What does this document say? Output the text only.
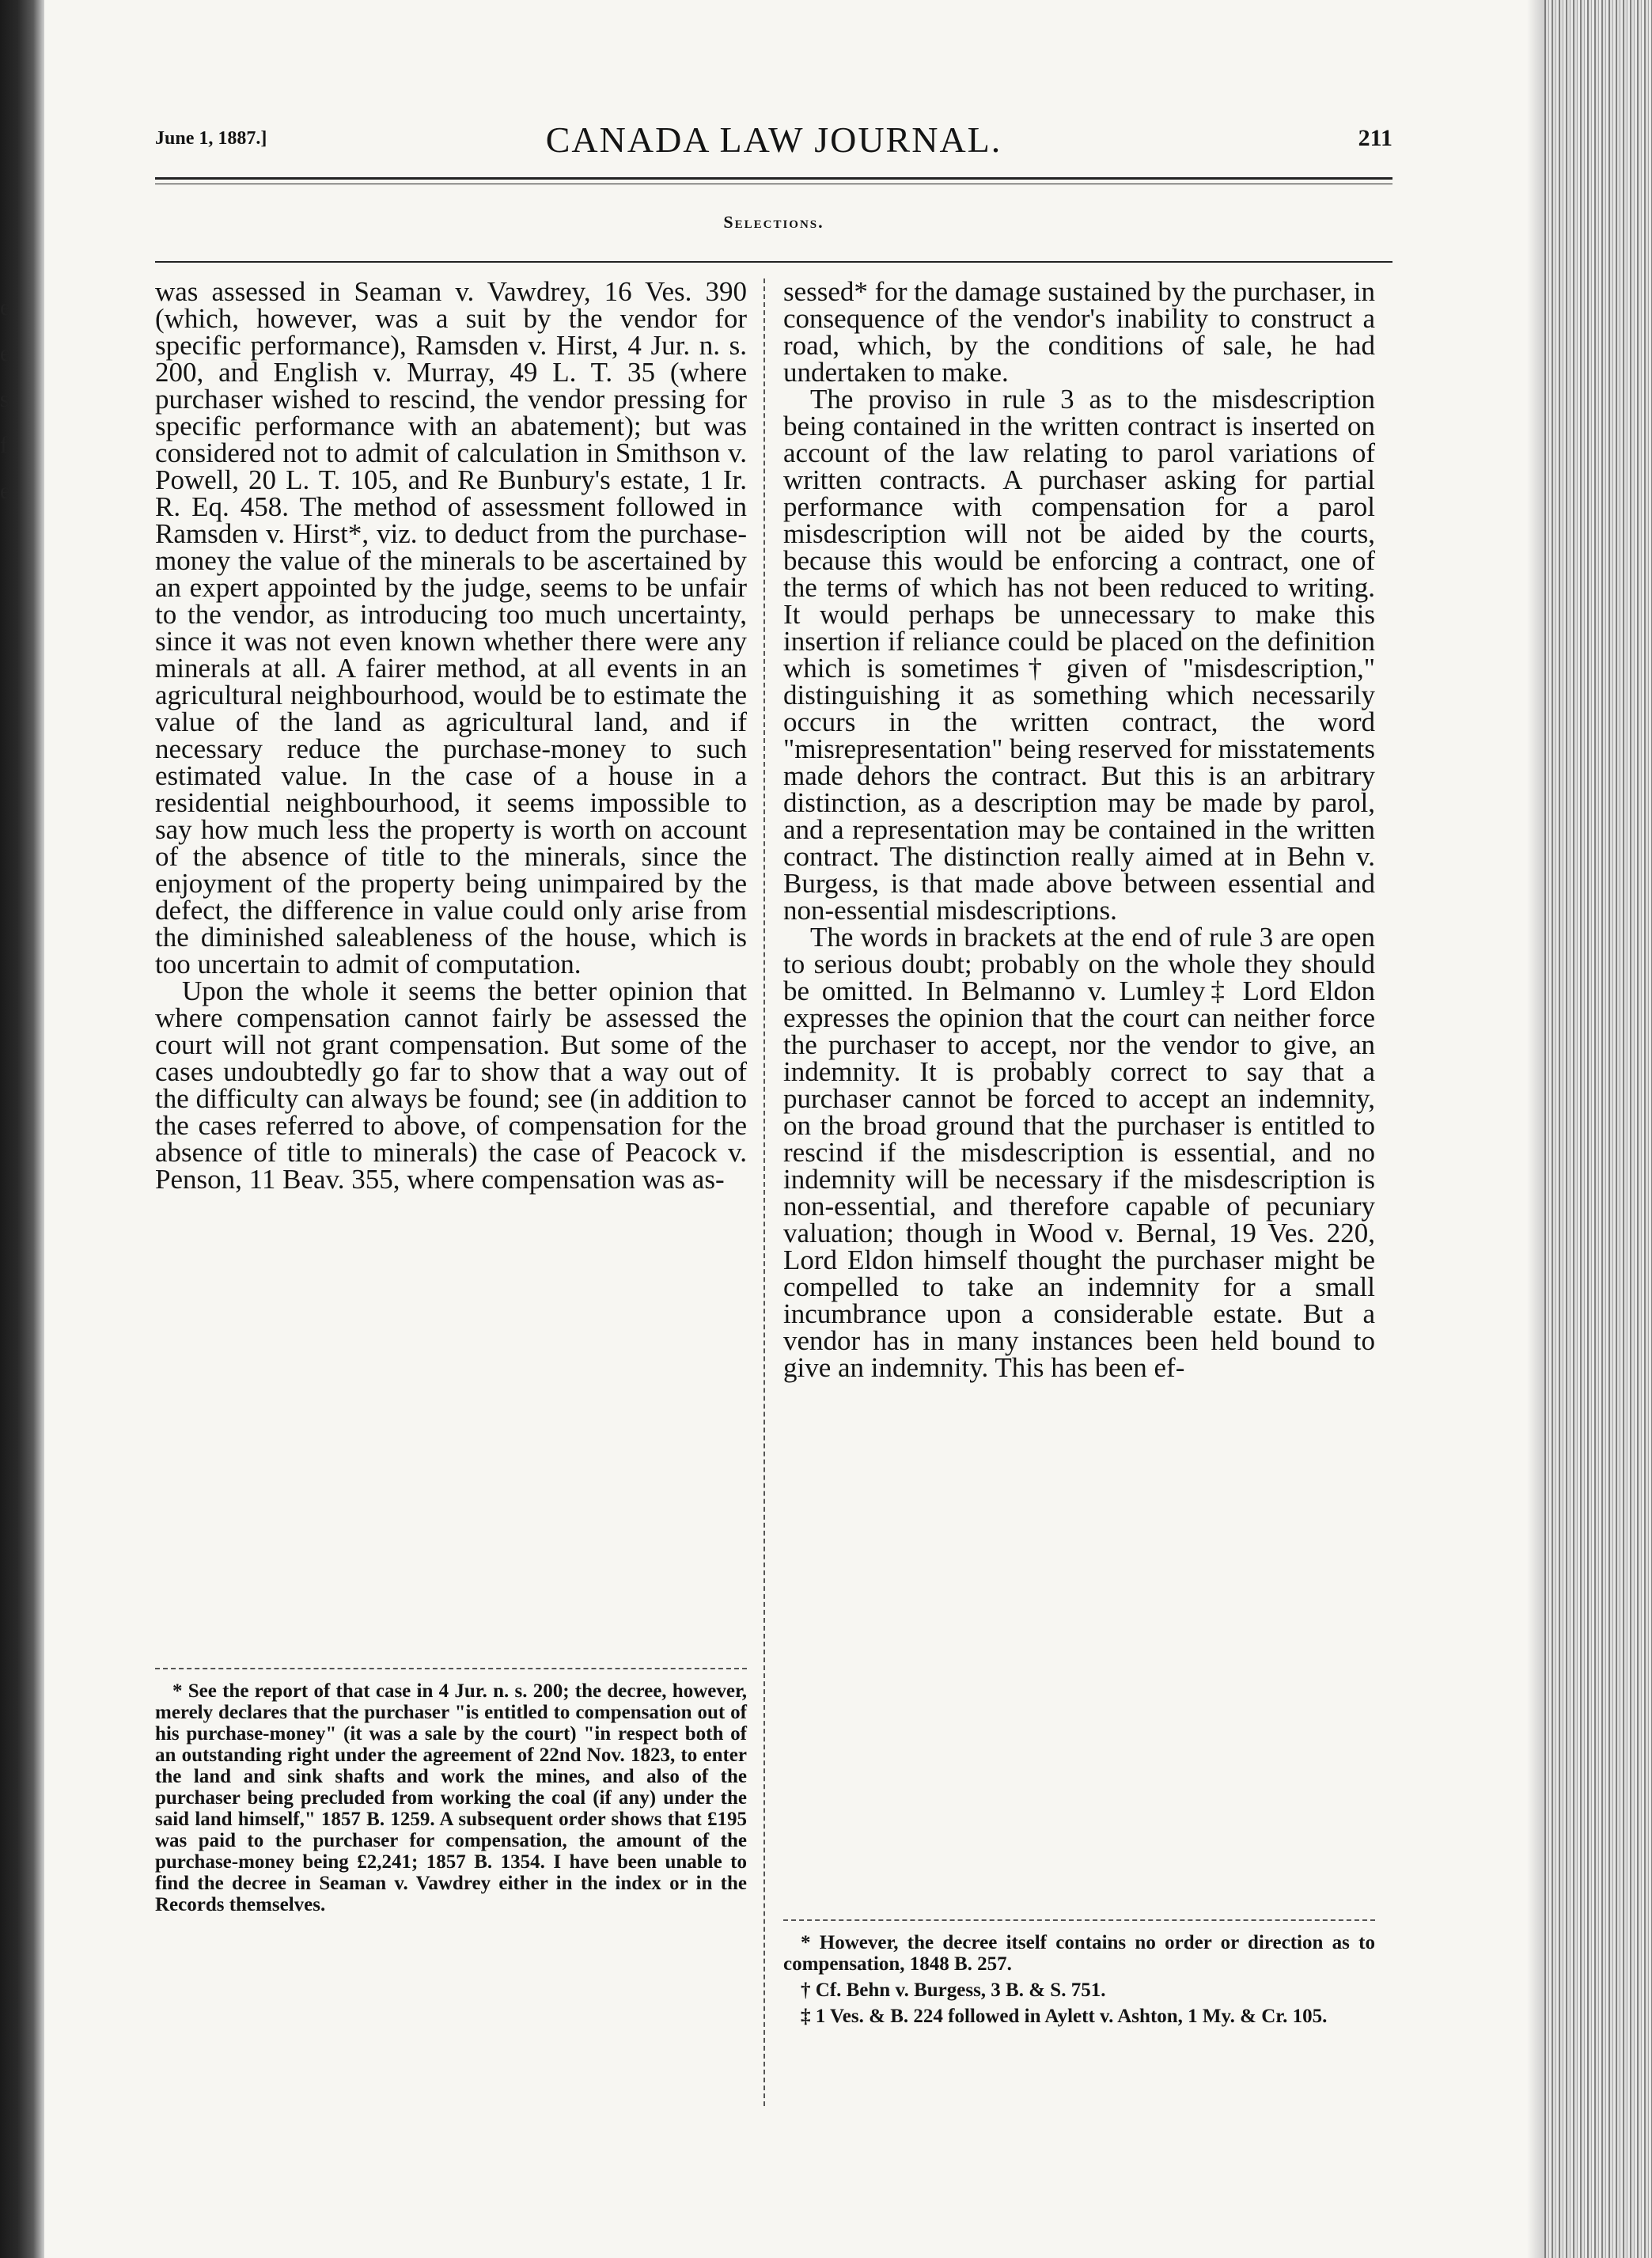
e
e
s
f
e
June 1, 1887.]	CANADA LAW JOURNAL.	211
Selections.

was assessed in Seaman v. Vawdrey, 16 Ves. 390 (which, however, was a suit by the vendor for specific performance), Ramsden v. Hirst, 4 Jur. n. s. 200, and English v. Murray, 49 L. T. 35 (where purchaser wished to rescind, the vendor pressing for specific performance with an abatement); but was considered not to admit of calculation in Smithson v. Powell, 20 L. T. 105, and Re Bunbury's estate, 1 Ir. R. Eq. 458. The method of assessment followed in Ramsden v. Hirst*, viz. to deduct from the purchase-money the value of the minerals to be ascertained by an expert appointed by the judge, seems to be unfair to the vendor, as introducing too much uncertainty, since it was not even known whether there were any minerals at all. A fairer method, at all events in an agricultural neighbourhood, would be to estimate the value of the land as agricultural land, and if necessary reduce the purchase-money to such estimated value. In the case of a house in a residential neighbourhood, it seems impossible to say how much less the property is worth on account of the absence of title to the minerals, since the enjoyment of the property being unimpaired by the defect, the difference in value could only arise from the diminished saleableness of the house, which is too uncertain to admit of computation.

Upon the whole it seems the better opinion that where compensation cannot fairly be assessed the court will not grant compensation. But some of the cases undoubtedly go far to show that a way out of the difficulty can always be found; see (in addition to the cases referred to above, of compensation for the absence of title to minerals) the case of Peacock v. Penson, 11 Beav. 355, where compensation was as-

sessed* for the damage sustained by the purchaser, in consequence of the vendor's inability to construct a road, which, by the conditions of sale, he had undertaken to make.

The proviso in rule 3 as to the misdescription being contained in the written contract is inserted on account of the law relating to parol variations of written contracts. A purchaser asking for partial performance with compensation for a parol misdescription will not be aided by the courts, because this would be enforcing a contract, one of the terms of which has not been reduced to writing. It would perhaps be unnecessary to make this insertion if reliance could be placed on the definition which is sometimes† given of "misdescription," distinguishing it as something which necessarily occurs in the written contract, the word "misrepresentation" being reserved for misstatements made dehors the contract. But this is an arbitrary distinction, as a description may be made by parol, and a representation may be contained in the written contract. The distinction really aimed at in Behn v. Burgess, is that made above between essential and non-essential misdescriptions.

The words in brackets at the end of rule 3 are open to serious doubt; probably on the whole they should be omitted. In Belmanno v. Lumley‡ Lord Eldon expresses the opinion that the court can neither force the purchaser to accept, nor the vendor to give, an indemnity. It is probably correct to say that a purchaser cannot be forced to accept an indemnity, on the broad ground that the purchaser is entitled to rescind if the misdescription is essential, and no indemnity will be necessary if the misdescription is non-essential, and therefore capable of pecuniary valuation; though in Wood v. Bernal, 19 Ves. 220, Lord Eldon himself thought the purchaser might be compelled to take an indemnity for a small incumbrance upon a considerable estate. But a vendor has in many instances been held bound to give an indemnity. This has been ef-

* See the report of that case in 4 Jur. n. s. 200; the decree, however, merely declares that the purchaser "is entitled to compensation out of his purchase-money" (it was a sale by the court) "in respect both of an outstanding right under the agreement of 22nd Nov. 1823, to enter the land and sink shafts and work the mines, and also of the purchaser being precluded from working the coal (if any) under the said land himself," 1857 B. 1259. A subsequent order shows that £195 was paid to the purchaser for compensation, the amount of the purchase-money being £2,241; 1857 B. 1354. I have been unable to find the decree in Seaman v. Vawdrey either in the index or in the Records themselves.

* However, the decree itself contains no order or direction as to compensation, 1848 B. 257.

† Cf. Behn v. Burgess, 3 B. & S. 751.

‡ 1 Ves. & B. 224 followed in Aylett v. Ashton, 1 My. & Cr. 105.
